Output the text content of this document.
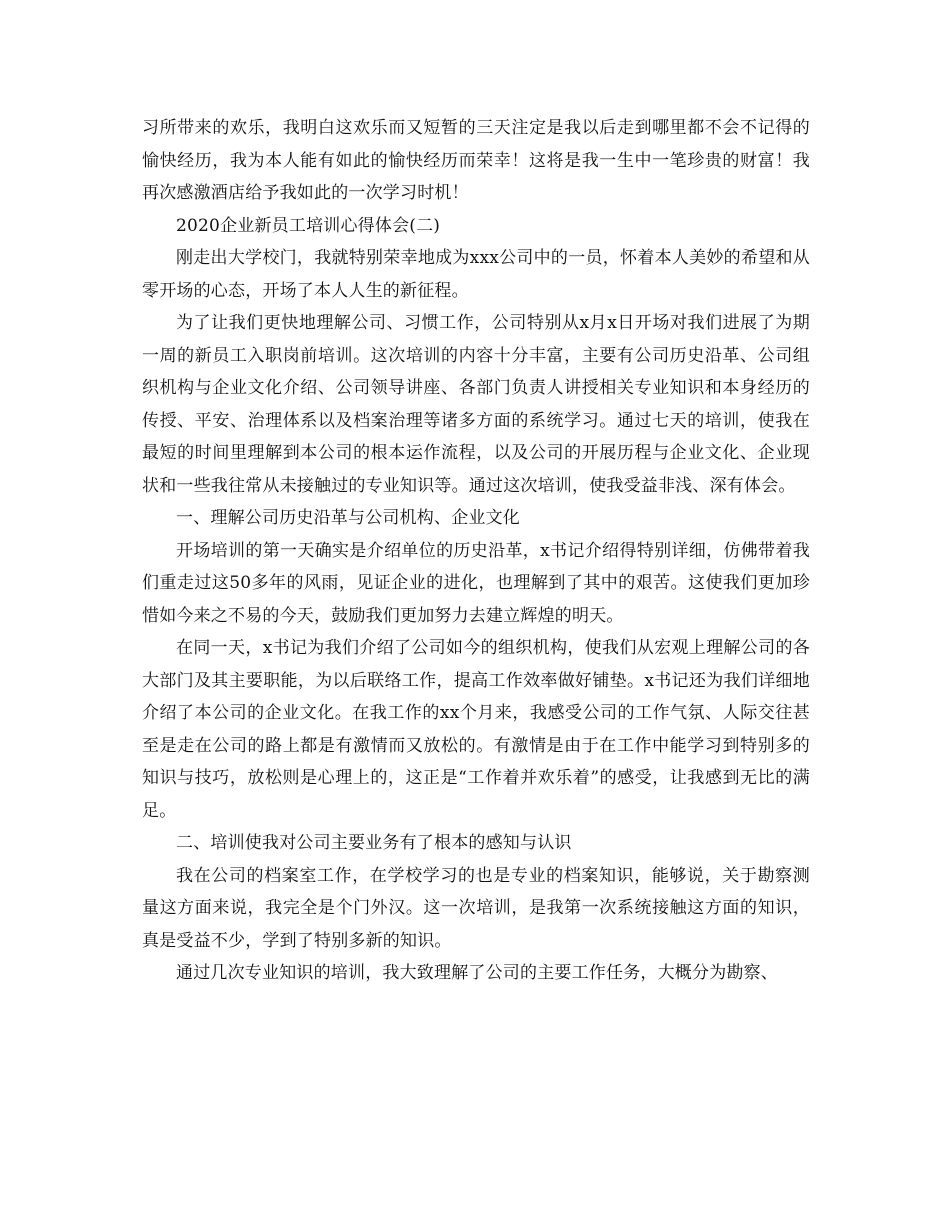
习所带来的欢乐，我明白这欢乐而又短暂的三天注定是我以后走到哪里都不会不记得的愉快经历，我为本人能有如此的愉快经历而荣幸！这将是我一生中一笔珍贵的财富！我再次感激酒店给予我如此的一次学习时机！

2020企业新员工培训心得体会(二)

刚走出大学校门，我就特别荣幸地成为xxx公司中的一员，怀着本人美妙的希望和从零开场的心态，开场了本人人生的新征程。

为了让我们更快地理解公司、习惯工作，公司特别从x月x日开场对我们进展了为期一周的新员工入职岗前培训。这次培训的内容十分丰富，主要有公司历史沿革、公司组织机构与企业文化介绍、公司领导讲座、各部门负责人讲授相关专业知识和本身经历的传授、平安、治理体系以及档案治理等诸多方面的系统学习。通过七天的培训，使我在最短的时间里理解到本公司的根本运作流程，以及公司的开展历程与企业文化、企业现状和一些我往常从未接触过的专业知识等。通过这次培训，使我受益非浅、深有体会。

一、理解公司历史沿革与公司机构、企业文化

开场培训的第一天确实是介绍单位的历史沿革，x书记介绍得特别详细，仿佛带着我们重走过这50多年的风雨，见证企业的进化，也理解到了其中的艰苦。这使我们更加珍惜如今来之不易的今天，鼓励我们更加努力去建立辉煌的明天。

在同一天，x书记为我们介绍了公司如今的组织机构，使我们从宏观上理解公司的各大部门及其主要职能，为以后联络工作，提高工作效率做好铺垫。x书记还为我们详细地介绍了本公司的企业文化。在我工作的xx个月来，我感受公司的工作气氛、人际交往甚至是走在公司的路上都是有激情而又放松的。有激情是由于在工作中能学习到特别多的知识与技巧，放松则是心理上的，这正是“工作着并欢乐着”的感受，让我感到无比的满足。

二、培训使我对公司主要业务有了根本的感知与认识

我在公司的档案室工作，在学校学习的也是专业的档案知识，能够说，关于勘察测量这方面来说，我完全是个门外汉。这一次培训，是我第一次系统接触这方面的知识，真是受益不少，学到了特别多新的知识。

通过几次专业知识的培训，我大致理解了公司的主要工作任务，大概分为勘察、
